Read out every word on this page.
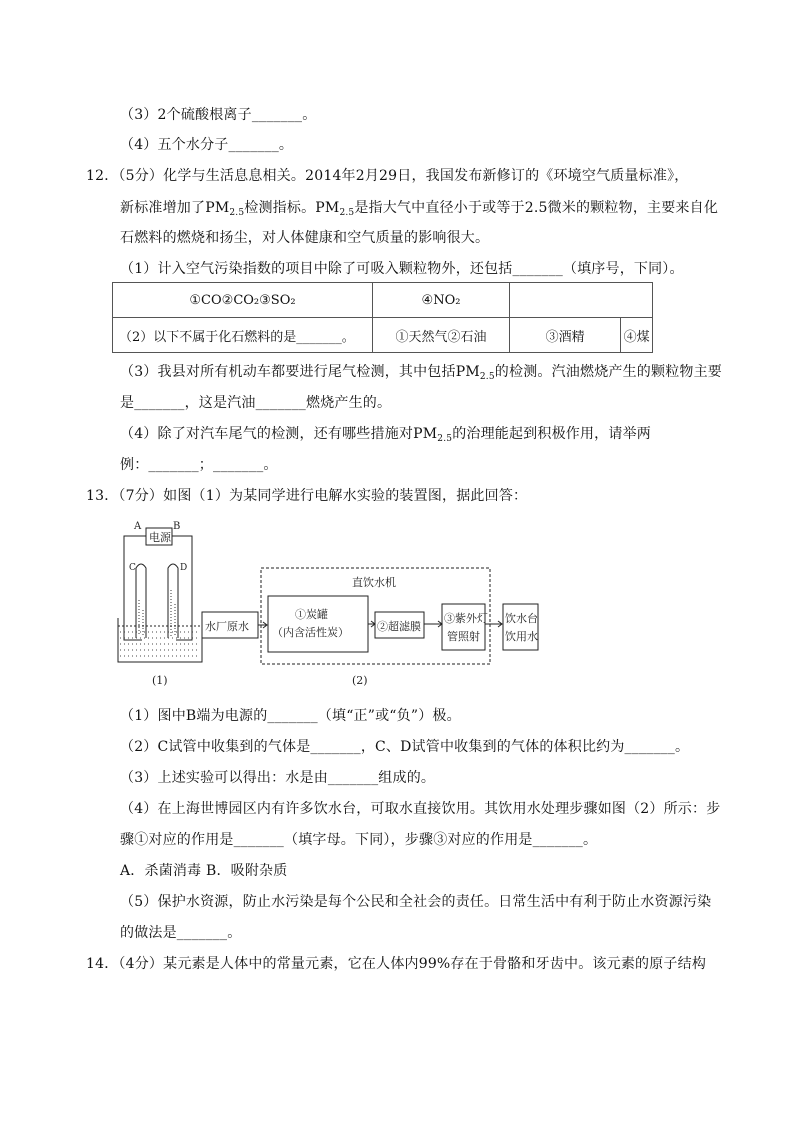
（3）2个硫酸根离子_______。
（4）五个水分子_______。
12．（5分）化学与生活息息相关。2014年2月29日，我国发布新修订的《环境空气质量标准》，
新标准增加了$PM_{2.5}$检测指标。$PM_{2.5}$是指大气中直径小于或等于2.5微米的颗粒物，主要来自化
石燃料的燃烧和扬尘，对人体健康和空气质量的影响很大。
（1）计入空气污染指数的项目中除了可吸入颗粒物外，还包括_______（填序号，下同）。
①CO②CO₂③SO₂	④NO₂		
（2）以下不属于化石燃料的是_______。	①天然气②石油	③酒精	④煤
（3）我县对所有机动车都要进行尾气检测，其中包括$PM_{2.5}$的检测。汽油燃烧产生的颗粒物主要
是_______，这是汽油_______燃烧产生的。
（4）除了对汽车尾气的检测，还有哪些措施对$PM_{2.5}$的治理能起到积极作用，请举两
例：_______；_______。
13．（7分）如图（1）为某同学进行电解水实验的装置图，据此回答：
A	B
电源
C	D
(1)
水厂原水
直饮水机
①炭罐
（内含活性炭）	②超滤膜
③紫外灯
管照射
饮水台
饮用水
(2)
（1）图中B端为电源的_______（填“正”或“负”）极。
（2）C试管中收集到的气体是_______，C、D试管中收集到的气体的体积比约为_______。
（3）上述实验可以得出：水是由_______组成的。
（4）在上海世博园区内有许多饮水台，可取水直接饮用。其饮用水处理步骤如图（2）所示：步
骤①对应的作用是_______（填字母。下同），步骤③对应的作用是_______。
A．杀菌消毒 B．吸附杂质
（5）保护水资源，防止水污染是每个公民和全社会的责任。日常生活中有利于防止水资源污染
的做法是_______。
14．（4分）某元素是人体中的常量元素，它在人体内99%存在于骨骼和牙齿中。该元素的原子结构
